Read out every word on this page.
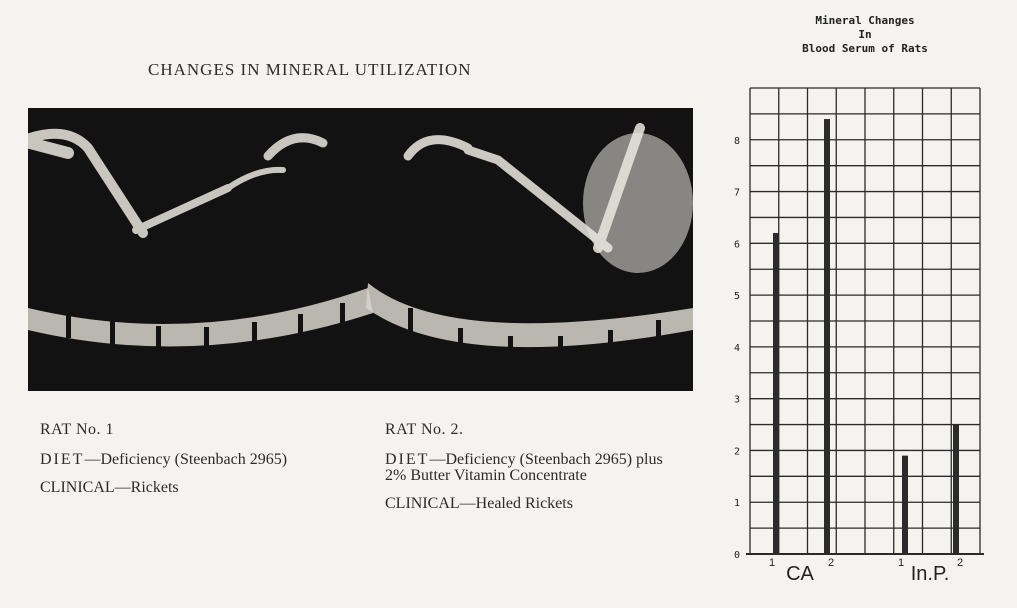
CHANGES IN MINERAL UTILIZATION

RAT No. 1

DIET—Deficiency (Steenbach 2965)

CLINICAL—Rickets

RAT No. 2.

DIET—Deficiency (Steenbach 2965) plus 2% Butter Vitamin Concentrate

CLINICAL—Healed Rickets

Mineral Changes
In
Blood Serum of Rats
0
1
2
3
4
5
6
7
8
1	2
CA	1	2
In.P.
